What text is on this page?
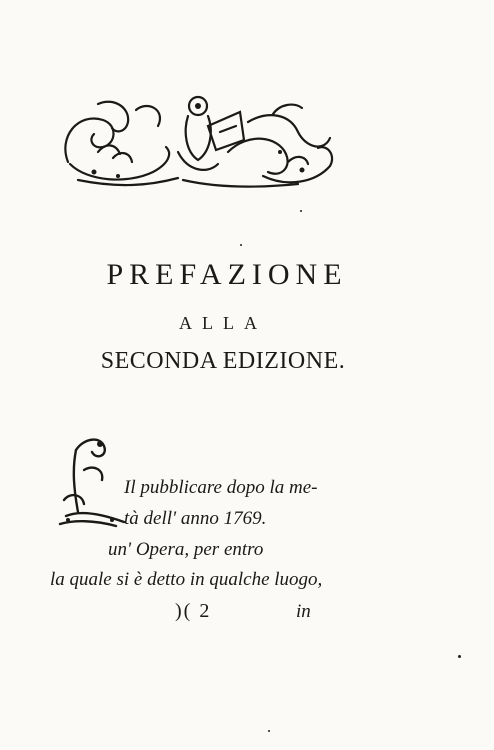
PREFAZIONE
ALLA
SECONDA EDIZIONE.
Il pubblicare dopo la me-
tà dell' anno 1769.
un' Opera, per entro
la quale si è detto in qualche luogo,
)( 2	in
